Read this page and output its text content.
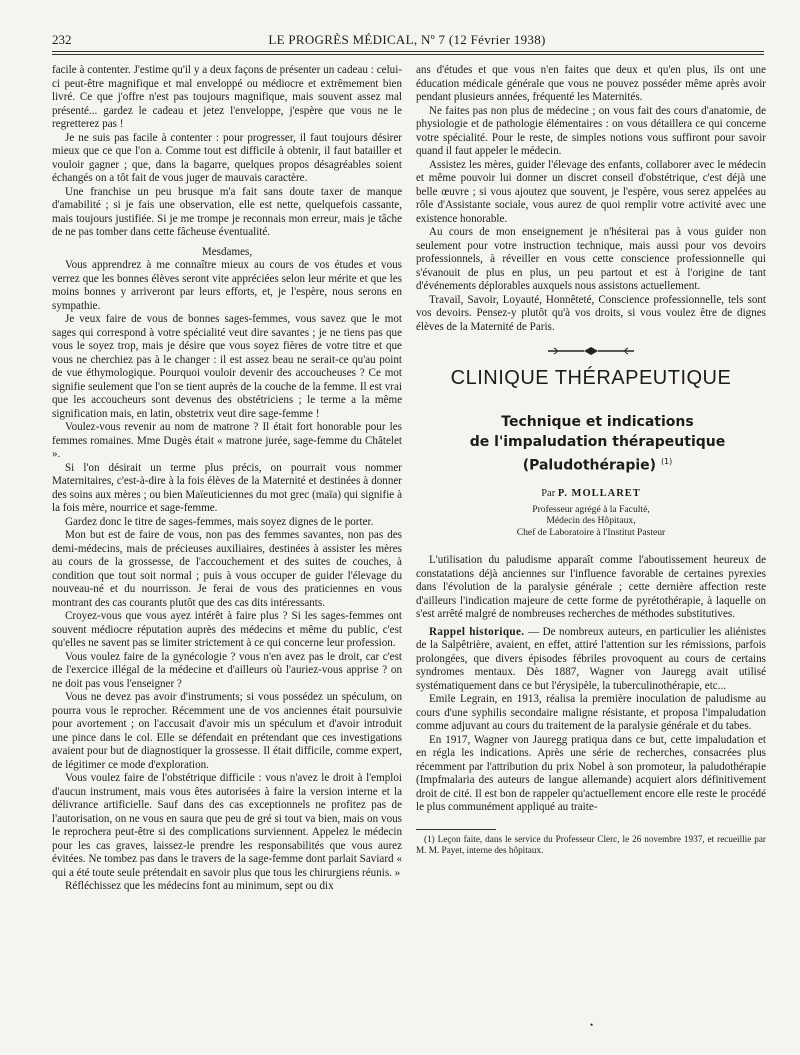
232	LE PROGRÈS MÉDICAL, Nº 7 (12 Février 1938)

facile à contenter. J'estime qu'il y a deux façons de présenter un cadeau : celui-ci peut-être magnifique et mal enveloppé ou médiocre et extrêmement bien livré. Ce que j'offre n'est pas toujours magnifique, mais souvent assez mal présenté... gardez le cadeau et jetez l'enveloppe, j'espère que vous ne le regretterez pas !

Je ne suis pas facile à contenter : pour progresser, il faut toujours désirer mieux que ce que l'on a. Comme tout est difficile à obtenir, il faut batailler et vouloir gagner ; que, dans la bagarre, quelques propos désagréables soient échangés on a tôt fait de vous juger de mauvais caractère.

Une franchise un peu brusque m'a fait sans doute taxer de manque d'amabilité ; si je fais une observation, elle est nette, quelquefois cassante, mais toujours justifiée. Si je me trompe je reconnais mon erreur, mais je tâche de ne pas tomber dans cette fâcheuse éventualité.

Mesdames,

Vous apprendrez à me connaître mieux au cours de vos études et vous verrez que les bonnes élèves seront vite appréciées selon leur mérite et que les moins bonnes y arriveront par leurs efforts, et, je l'espère, nous serons en sympathie.

Je veux faire de vous de bonnes sages-femmes, vous savez que le mot sages qui correspond à votre spécialité veut dire savantes ; je ne tiens pas que vous le soyez trop, mais je désire que vous soyez fières de votre titre et que vous ne cherchiez pas à le changer : il est assez beau ne serait-ce qu'au point de vue éthymologique. Pourquoi vouloir devenir des accoucheuses ? Ce mot signifie seulement que l'on se tient auprès de la couche de la femme. Il est vrai que les accoucheurs sont devenus des obstétriciens ; le terme a la même signification mais, en latin, obstetrix veut dire sage-femme !

Voulez-vous revenir au nom de matrone ? Il était fort honorable pour les femmes romaines. Mme Dugès était « matrone jurée, sage-femme du Châtelet ».

Si l'on désirait un terme plus précis, on pourrait vous nommer Maternitaires, c'est-à-dire à la fois élèves de la Maternité et destinées à donner des soins aux mères ; ou bien Maïeuticiennes du mot grec (maïa) qui signifie à la fois mère, nourrice et sage-femme.

Gardez donc le titre de sages-femmes, mais soyez dignes de le porter.

Mon but est de faire de vous, non pas des femmes savantes, non pas des demi-médecins, mais de précieuses auxiliaires, destinées à assister les mères au cours de la grossesse, de l'accouchement et des suites de couches, à condition que tout soit normal ; puis à vous occuper de guider l'élevage du nouveau-né et du nourrisson. Je ferai de vous des praticiennes en vous montrant des cas courants plutôt que des cas dits intéressants.

Croyez-vous que vous ayez intérêt à faire plus ? Si les sages-femmes ont souvent médiocre réputation auprès des médecins et même du public, c'est qu'elles ne savent pas se limiter strictement à ce qui concerne leur profession.

Vous voulez faire de la gynécologie ? vous n'en avez pas le droit, car c'est de l'exercice illégal de la médecine et d'ailleurs où l'auriez-vous apprise ? on ne doit pas vous l'enseigner ?

Vous ne devez pas avoir d'instruments; si vous possédez un spéculum, on pourra vous le reprocher. Récemment une de vos anciennes était poursuivie pour avortement ; on l'accusait d'avoir mis un spéculum et d'avoir introduit une pince dans le col. Elle se défendait en prétendant que ces investigations avaient pour but de diagnostiquer la grossesse. Il était difficile, comme expert, de légitimer ce mode d'exploration.

Vous voulez faire de l'obstétrique difficile : vous n'avez le droit à l'emploi d'aucun instrument, mais vous êtes autorisées à faire la version interne et la délivrance artificielle. Sauf dans des cas exceptionnels ne profitez pas de l'autorisation, on ne vous en saura que peu de gré si tout va bien, mais on vous le reprochera peut-être si des complications surviennent. Appelez le médecin pour les cas graves, laissez-le prendre les responsabilités que vous aurez évitées. Ne tombez pas dans le travers de la sage-femme dont parlait Saviard « qui a été toute seule prétendait en savoir plus que tous les chirurgiens réunis. »

Réfléchissez que les médecins font au minimum, sept ou dix

ans d'études et que vous n'en faites que deux et qu'en plus, ils ont une éducation médicale générale que vous ne pouvez posséder même après avoir pendant plusieurs années, fréquenté les Maternités.

Ne faites pas non plus de médecine ; on vous fait des cours d'anatomie, de physiologie et de pathologie élémentaires : on vous détaillera ce qui concerne votre spécialité. Pour le reste, de simples notions vous suffiront pour savoir quand il faut appeler le médecin.

Assistez les mères, guider l'élevage des enfants, collaborer avec le médecin et même pouvoir lui donner un discret conseil d'obstétrique, c'est déjà une belle œuvre ; si vous ajoutez que souvent, je l'espère, vous serez appelées au rôle d'Assistante sociale, vous aurez de quoi remplir votre activité avec une existence honorable.

Au cours de mon enseignement je n'hésiterai pas à vous guider non seulement pour votre instruction technique, mais aussi pour vos devoirs professionnels, à réveiller en vous cette conscience professionnelle qui s'évanouit de plus en plus, un peu partout et est à l'origine de tant d'événements déplorables auxquels nous assistons actuellement.

Travail, Savoir, Loyauté, Honnêteté, Conscience professionnelle, tels sont vos devoirs. Pensez-y plutôt qu'à vos droits, si vous voulez être de dignes élèves de la Maternité de Paris.

CLINIQUE THÉRAPEUTIQUE

Technique et indications

de l'impaludation thérapeutique

(Paludothérapie) $^{(1)}$

Par P. MOLLARET
Professeur agrégé à la Faculté,
Médecin des Hôpitaux,
Chef de Laboratoire à l'Institut Pasteur

L'utilisation du paludisme apparaît comme l'aboutissement heureux de constatations déjà anciennes sur l'influence favorable de certaines pyrexies dans l'évolution de la paralysie générale ; cette dernière affection reste d'ailleurs l'indication majeure de cette forme de pyrétothérapie, à laquelle on s'est arrêté malgré de nombreuses recherches de méthodes substitutives.

Rappel historique. — De nombreux auteurs, en particulier les aliénistes de la Salpêtrière, avaient, en effet, attiré l'attention sur les rémissions, parfois prolongées, que divers épisodes fébriles provoquent au cours de certains syndromes mentaux. Dès 1887, Wagner von Jauregg avait utilisé systématiquement dans ce but l'érysipèle, la tuberculinothérapie, etc...

Emile Legrain, en 1913, réalisa la première inoculation de paludisme au cours d'une syphilis secondaire maligne résistante, et proposa l'impaludation comme adjuvant au cours du traitement de la paralysie générale et du tabes.

En 1917, Wagner von Jauregg pratiqua dans ce but, cette impaludation et en régla les indications. Après une série de recherches, consacrées plus récemment par l'attribution du prix Nobel à son promoteur, la paludothérapie (Impfmalaria des auteurs de langue allemande) acquiert alors définitivement droit de cité. Il est bon de rappeler qu'actuellement encore elle reste le procédé le plus communément appliqué au traite-

(1) Leçon faite, dans le service du Professeur Clerc, le 26 novembre 1937, et recueillie par M. M. Payet, interne des hôpitaux.
•
